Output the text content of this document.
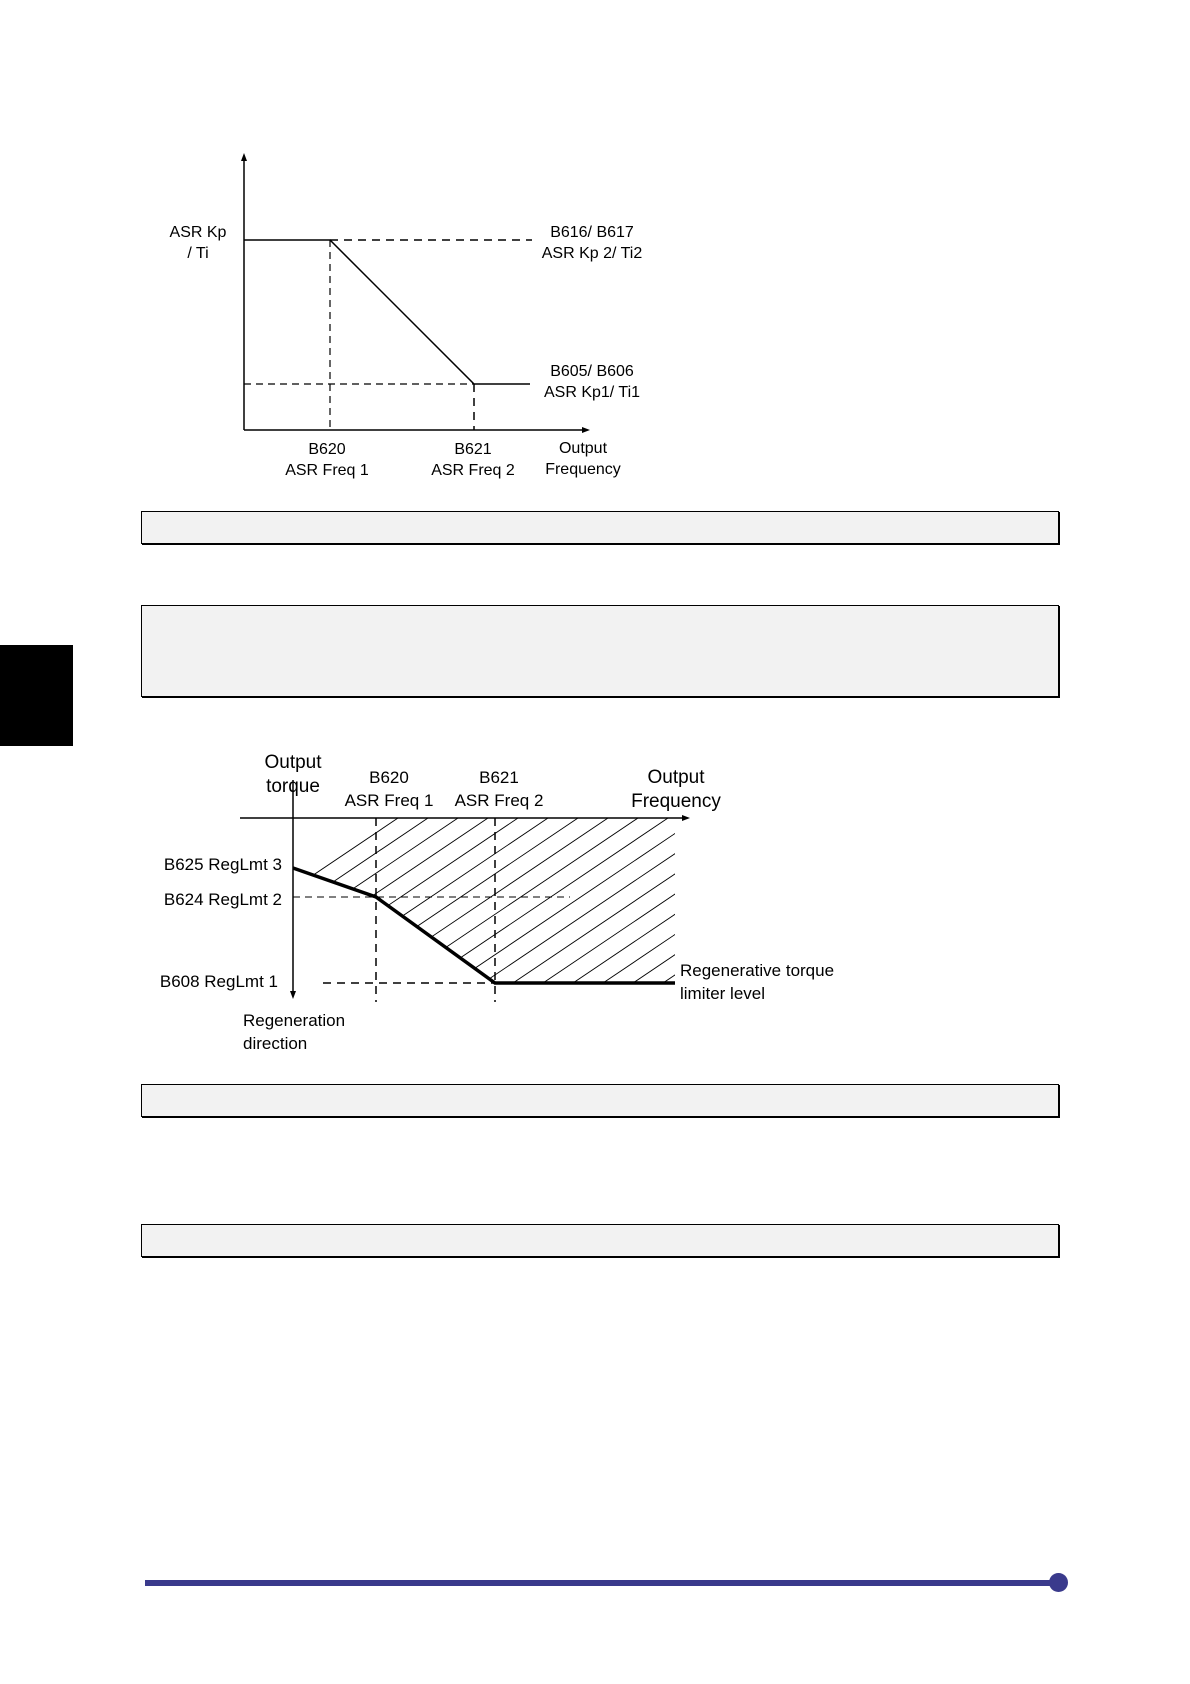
ASR Kp
/ Ti
B616/ B617
ASR Kp 2/ Ti2
B605/ B606
ASR Kp1/ Ti1
B620
ASR Freq 1
B621
ASR Freq 2
Output
Frequency
Output
torque	B620
ASR Freq 1
B621
ASR Freq 2
Output
Frequency
B625 RegLmt 3
B624 RegLmt 2
B608 RegLmt 1
Regenerative torque
limiter level
Regeneration
direction
